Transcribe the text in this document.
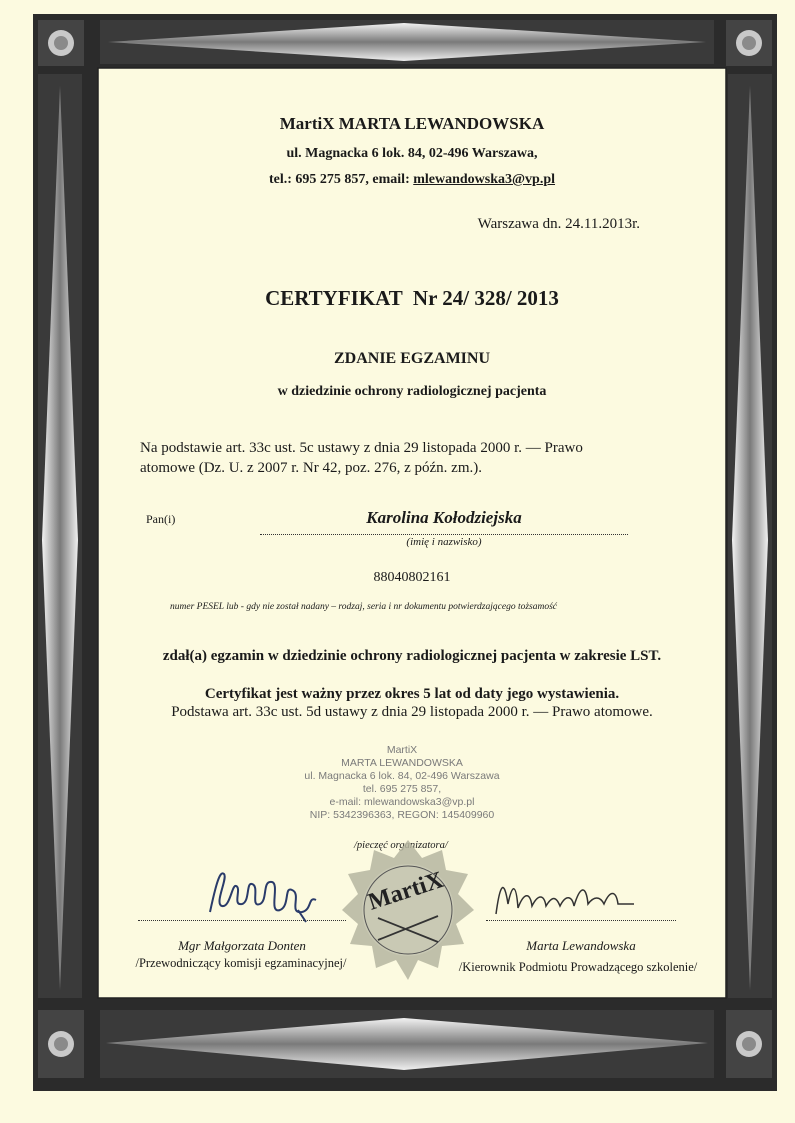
MartiX MARTA LEWANDOWSKA
ul. Magnacka 6 lok. 84, 02-496 Warszawa,
tel.: 695 275 857, email: mlewandowska3@vp.pl
Warszawa dn. 24.11.2013r.
CERTYFIKAT  Nr 24/ 328/ 2013
ZDANIE EGZAMINU
w dziedzinie ochrony radiologicznej pacjenta
Na podstawie art. 33c ust. 5c ustawy z dnia 29 listopada 2000 r. — Prawo
atomowe (Dz. U. z 2007 r. Nr 42, poz. 276, z późn. zm.).
Pan(i)	Karolina Kołodziejska
(imię i nazwisko)
88040802161
numer PESEL lub - gdy nie został nadany – rodzaj, seria i nr dokumentu potwierdzającego tożsamość
zdał(a) egzamin w dziedzinie ochrony radiologicznej pacjenta w zakresie LST.
Certyfikat jest ważny przez okres 5 lat od daty jego wystawienia.
Podstawa art. 33c ust. 5d ustawy z dnia 29 listopada 2000 r. — Prawo atomowe.
MartiX
MARTA LEWANDOWSKA
ul. Magnacka 6 lok. 84, 02-496 Warszawa
tel. 695 275 857,
e-mail: mlewandowska3@vp.pl
NIP: 5342396363, REGON: 145409960
/pieczęć organizatora/
MartiX
Mgr Małgorzata Donten
/Przewodniczący komisji egzaminacyjnej/
Marta Lewandowska
/Kierownik Podmiotu Prowadzącego szkolenie/
